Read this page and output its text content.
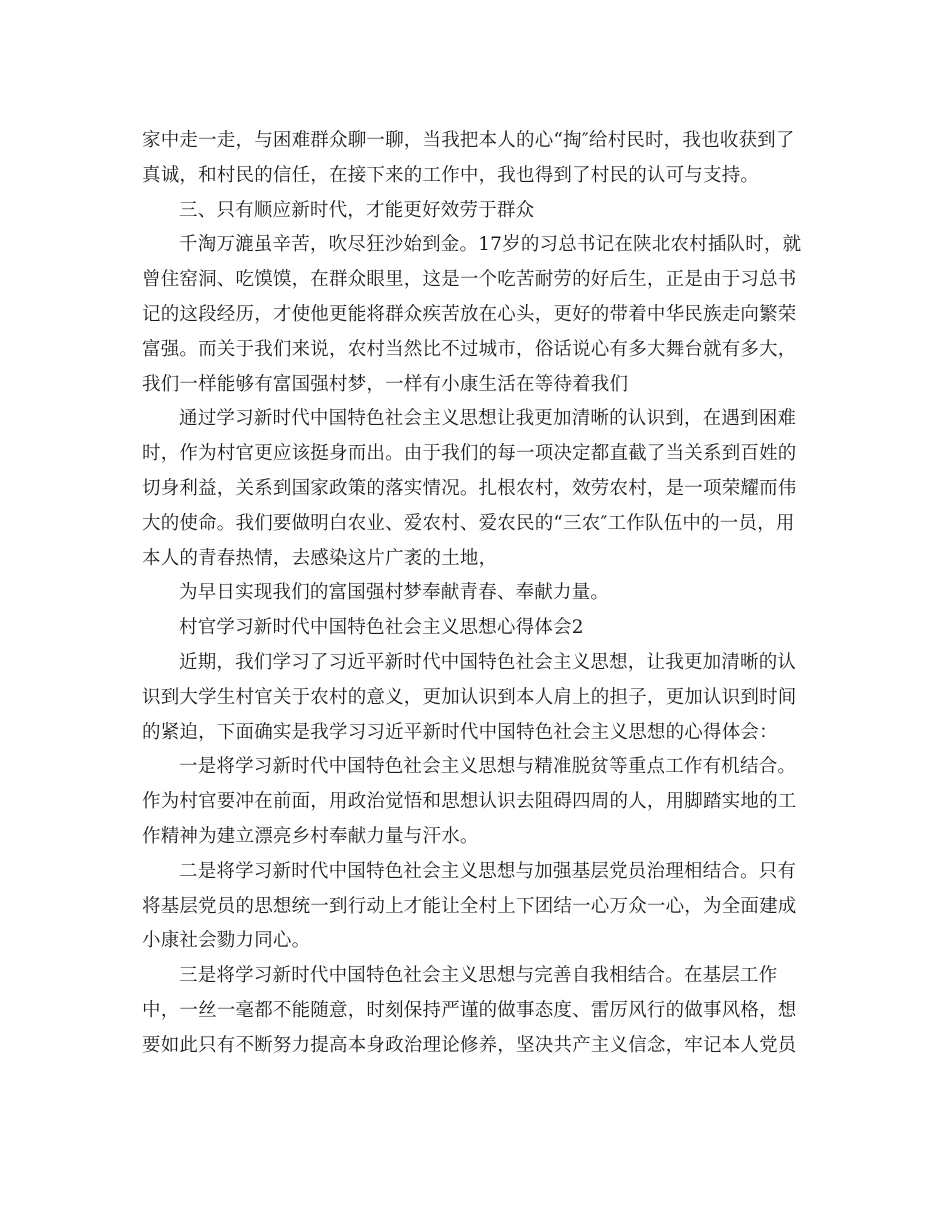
家中走一走，与困难群众聊一聊，当我把本人的心“掏″给村民时，我也收获到了
真诚，和村民的信任，在接下来的工作中，我也得到了村民的认可与支持。
三、只有顺应新时代，才能更好效劳于群众
千淘万漉虽辛苦，吹尽狂沙始到金。17岁的习总书记在陕北农村插队时，就
曾住窑洞、吃馍馍，在群众眼里，这是一个吃苦耐劳的好后生，正是由于习总书
记的这段经历，才使他更能将群众疾苦放在心头，更好的带着中华民族走向繁荣
富强。而关于我们来说，农村当然比不过城市，俗话说心有多大舞台就有多大，
我们一样能够有富国强村梦，一样有小康生活在等待着我们
通过学习新时代中国特色社会主义思想让我更加清晰的认识到，在遇到困难
时，作为村官更应该挺身而出。由于我们的每一项决定都直截了当关系到百姓的
切身利益，关系到国家政策的落实情况。扎根农村，效劳农村，是一项荣耀而伟
大的使命。我们要做明白农业、爱农村、爱农民的“三农″工作队伍中的一员，用
本人的青春热情，去感染这片广袤的土地，
为早日实现我们的富国强村梦奉献青春、奉献力量。
村官学习新时代中国特色社会主义思想心得体会2
近期，我们学习了习近平新时代中国特色社会主义思想，让我更加清晰的认
识到大学生村官关于农村的意义，更加认识到本人肩上的担子，更加认识到时间
的紧迫，下面确实是我学习习近平新时代中国特色社会主义思想的心得体会：
一是将学习新时代中国特色社会主义思想与精准脱贫等重点工作有机结合。
作为村官要冲在前面，用政治觉悟和思想认识去阻碍四周的人，用脚踏实地的工
作精神为建立漂亮乡村奉献力量与汗水。
二是将学习新时代中国特色社会主义思想与加强基层党员治理相结合。只有
将基层党员的思想统一到行动上才能让全村上下团结一心万众一心，为全面建成
小康社会勠力同心。
三是将学习新时代中国特色社会主义思想与完善自我相结合。在基层工作
中，一丝一毫都不能随意，时刻保持严谨的做事态度、雷厉风行的做事风格，想
要如此只有不断努力提高本身政治理论修养，坚决共产主义信念，牢记本人党员
